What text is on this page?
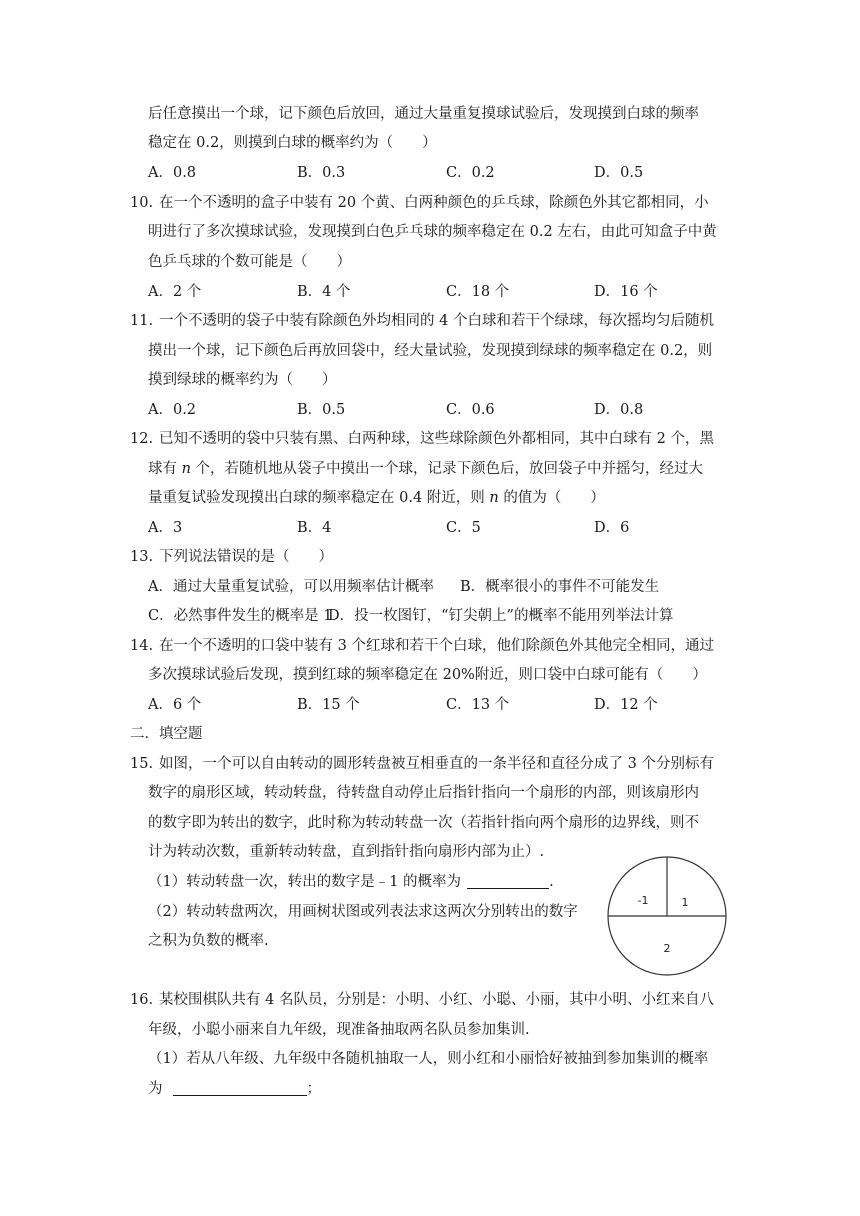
后任意摸出一个球，记下颜色后放回，通过大量重复摸球试验后，发现摸到白球的频率
稳定在 0.2，则摸到白球的概率约为（　　）
A．0.8	B．0.3	C．0.2	D．0.5
10. 在一个不透明的盒子中装有 20 个黄、白两种颜色的乒乓球，除颜色外其它都相同，小
明进行了多次摸球试验，发现摸到白色乒乓球的频率稳定在 0.2 左右，由此可知盒子中黄
色乒乓球的个数可能是（　　）
A．2 个	B．4 个	C．18 个	D．16 个
11. 一个不透明的袋子中装有除颜色外均相同的 4 个白球和若干个绿球，每次摇均匀后随机
摸出一个球，记下颜色后再放回袋中，经大量试验，发现摸到绿球的频率稳定在 0.2，则
摸到绿球的概率约为（　　）
A．0.2	B．0.5	C．0.6	D．0.8
12. 已知不透明的袋中只装有黑、白两种球，这些球除颜色外都相同，其中白球有 2 个，黑
球有 n 个，若随机地从袋子中摸出一个球，记录下颜色后，放回袋子中并摇匀，经过大
量重复试验发现摸出白球的频率稳定在 0.4 附近，则 n 的值为（　　）
A．3	B．4	C．5	D．6
13. 下列说法错误的是（　　）
A．通过大量重复试验，可以用频率估计概率 B．概率很小的事件不可能发生
C．必然事件发生的概率是 1
D．投一枚图钉，“钉尖朝上”的概率不能用列举法计算
14. 在一个不透明的口袋中装有 3 个红球和若干个白球，他们除颜色外其他完全相同，通过
多次摸球试验后发现，摸到红球的频率稳定在 20%附近，则口袋中白球可能有（　　）
A．6 个	B．15 个	C．13 个	D．12 个
二．填空题
15. 如图，一个可以自由转动的圆形转盘被互相垂直的一条半径和直径分成了 3 个分别标有
数字的扇形区域，转动转盘，待转盘自动停止后指针指向一个扇形的内部，则该扇形内
的数字即为转出的数字，此时称为转动转盘一次（若指针指向两个扇形的边界线，则不
计为转动次数，重新转动转盘，直到指针指向扇形内部为止）.
（1）转动转盘一次，转出的数字是﹣1 的概率为	.
（2）转动转盘两次，用画树状图或列表法求这两次分别转出的数字
之积为负数的概率.
-1	1
2
16. 某校围棋队共有 4 名队员，分别是：小明、小红、小聪、小丽，其中小明、小红来自八
年级，小聪小丽来自九年级，现准备抽取两名队员参加集训.
（1）若从八年级、九年级中各随机抽取一人，则小红和小丽恰好被抽到参加集训的概率
为	；
